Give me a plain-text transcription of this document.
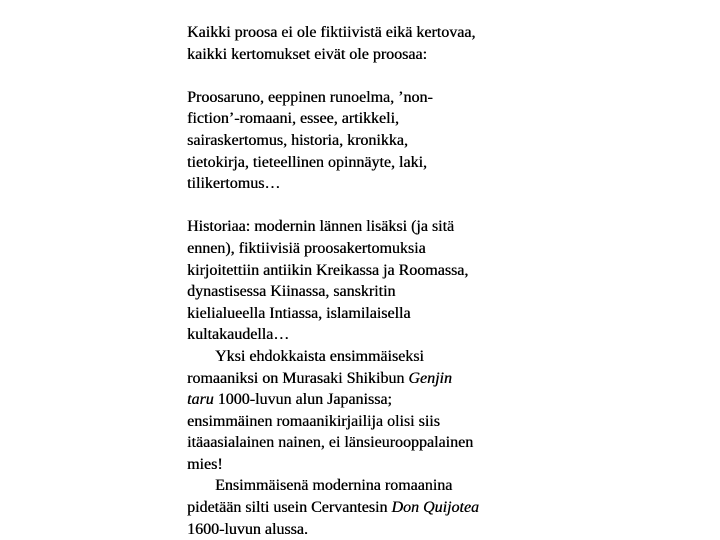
Kaikki proosa ei ole fiktiivistä eikä kertovaa,
kaikki kertomukset eivät ole proosaa:

Proosaruno, eeppinen runoelma, ’non-
fiction’-romaani, essee, artikkeli,
sairaskertomus, historia, kronikka,
tietokirja, tieteellinen opinnäyte, laki,
tilikertomus…

Historiaa: modernin lännen lisäksi (ja sitä
ennen), fiktiivisiä proosakertomuksia
kirjoitettiin antiikin Kreikassa ja Roomassa,
dynastisessa Kiinassa, sanskritin
kielialueella Intiassa, islamilaisella
kultakaudella…

Yksi ehdokkaista ensimmäiseksi
romaaniksi on Murasaki Shikibun Genjin
taru 1000-luvun alun Japanissa;
ensimmäinen romaanikirjailija olisi siis
itäaasialainen nainen, ei länsieurooppalainen
mies!

Ensimmäisenä modernina romaanina
pidetään silti usein Cervantesin Don Quijotea
1600-luvun alussa.
